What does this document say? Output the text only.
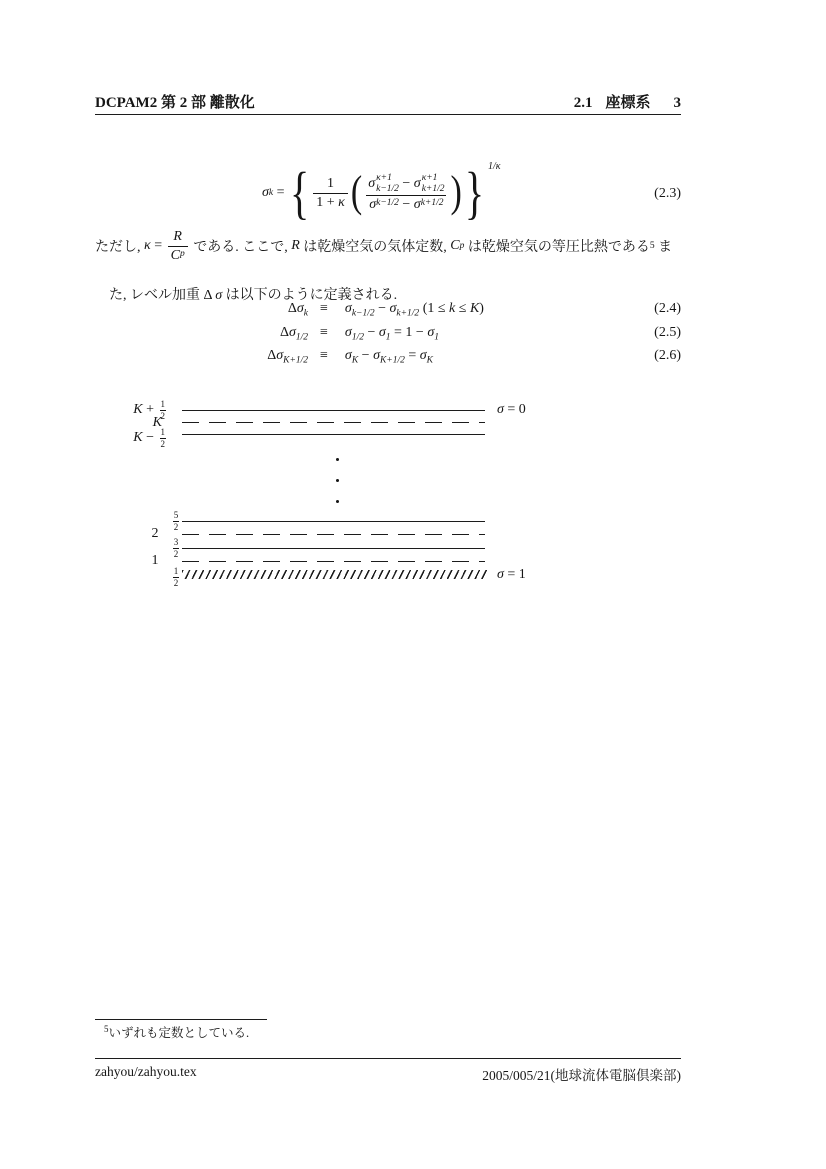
DCPAM2 第 2 部 離散化	2.1 座標系 3
σ k = { $\frac{1}{1 + \kappa}$ ( σ κ+1
k−1/2 − σ κ+1
k+1/2
σ k−1/2 − σ k+1/2 ) } 1/κ
(2.3)
ただし, $\kappa = \frac{R}{\text{C p}}$ である. ここで, R は乾燥空気の気体定数, C p は乾燥空気の等圧比熱である 5 ま

た, レベル加重 Δ σ は以下のように定義される.

$\Delta\sigma_k \equiv \sigma_{k-1/2} - \sigma_{k+1/2}$ (1 ≤ k ≤ K)	(2.4)
$\Delta\sigma_{1/2} \equiv \sigma_{1/2} - \sigma_1 = 1 - \sigma_1$	(2.5)
$\Delta\sigma_{K+1/2} \equiv \sigma_K - \sigma_{K+1/2} = \sigma_K$	(2.6)
$K + \frac{1}{2}$
K
$K - \frac{1}{2}$
5
2
2
3
2
1
1
2
σ = 0
σ = 1
$^5$いずれも定数としている.
zahyou/zahyou.tex	2005/005/21(地球流体電脳倶楽部)
